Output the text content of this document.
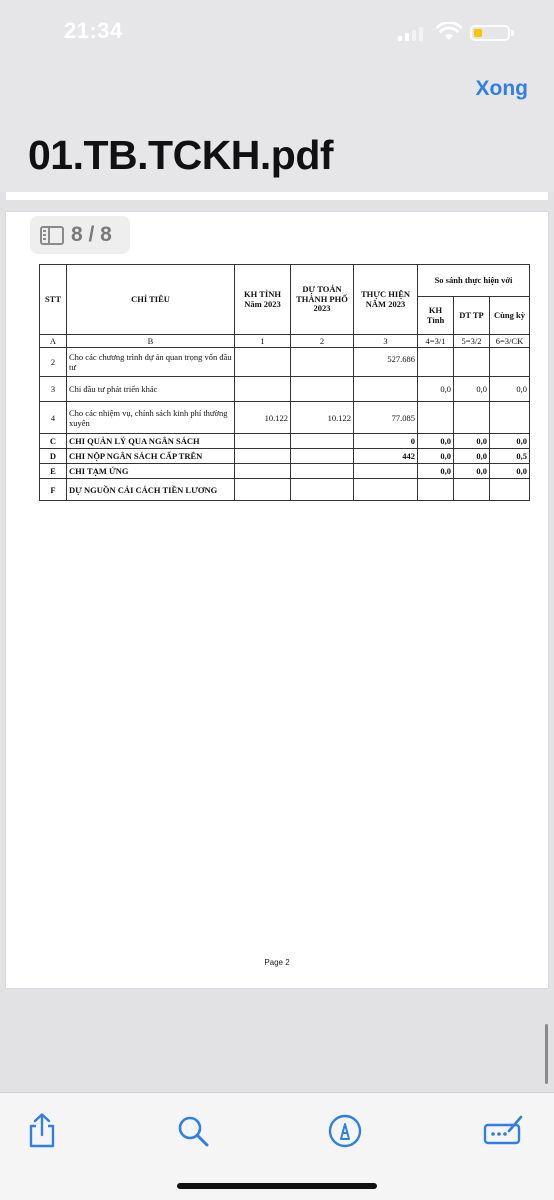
21:34
Xong
01.TB.TCKH.pdf
8 / 8
STT	CHỈ TIÊU	KH TỈNH Năm 2023	DỰ TOÁN THÀNH PHỐ 2023	THỰC HIỆN NĂM 2023	So sánh thực hiện với		
					KH Tỉnh	DT TP	Cùng kỳ
A	B	1	2	3	4=3/1	5=3/2	6=3/CK
2	Cho các chương trình dự án quan trọng vốn đầu tư			527.686			
3	Chi đầu tư phát triển khác				0,0	0,0	0,0
4	Cho các nhiệm vụ, chính sách kinh phí thường xuyên	10.122	10.122	77.085			
C	CHI QUẢN LÝ QUA NGÂN SÁCH			0	0,0	0,0	0,0
D	CHI NỘP NGÂN SÁCH CẤP TRÊN			442	0,0	0,0	0,5
E	CHI TẠM ỨNG				0,0	0,0	0,0
F	DỰ NGUỒN CẢI CÁCH TIỀN LƯƠNG						
Page 2
